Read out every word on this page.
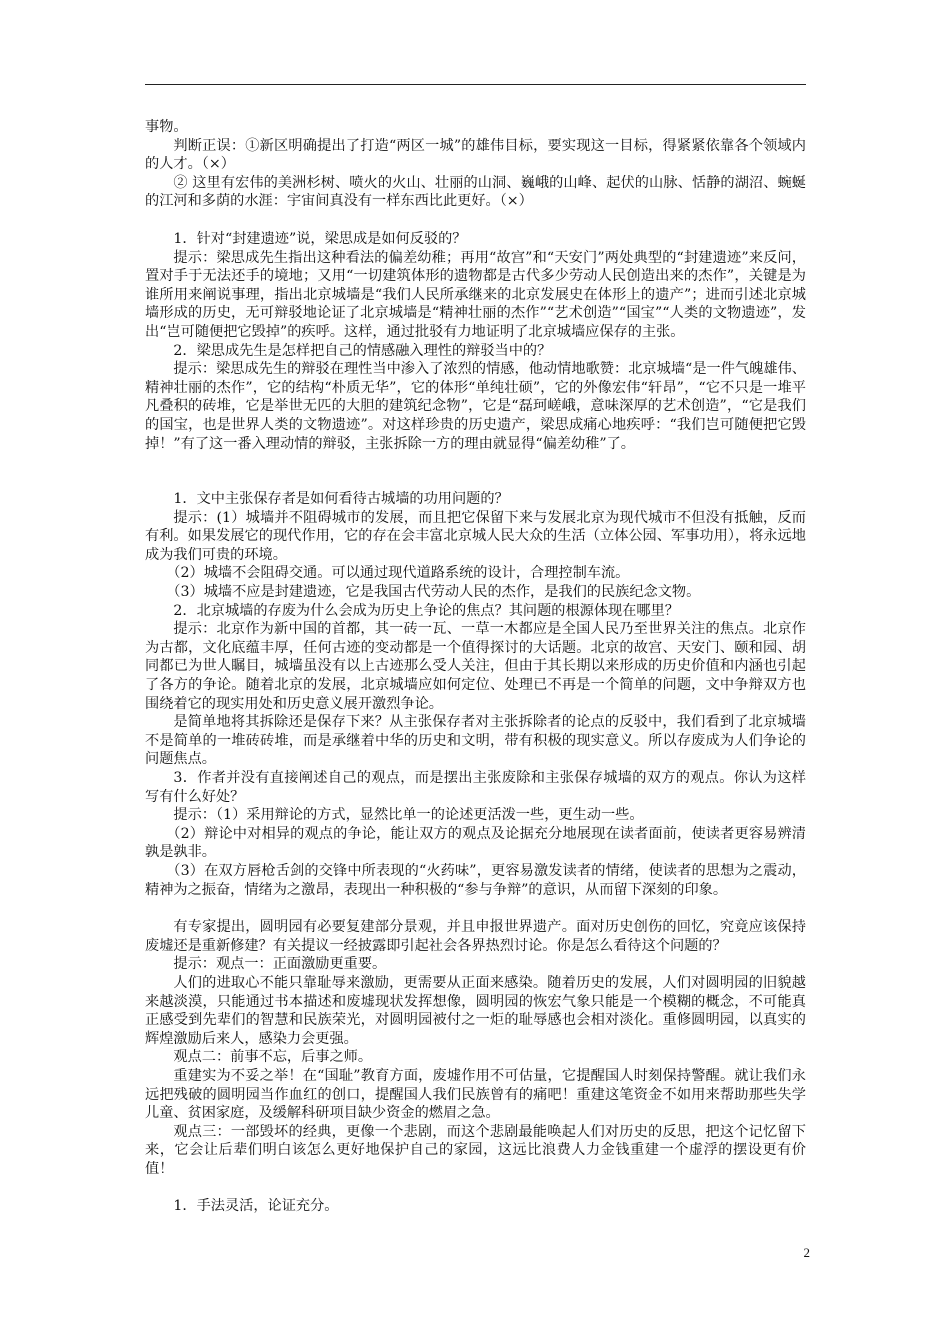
事物。
判断正误：①新区明确提出了打造“两区一城”的雄伟目标，要实现这一目标，得紧紧依靠各个领域内的人才。（×）
② 这里有宏伟的美洲杉树、喷火的火山、壮丽的山洞、巍峨的山峰、起伏的山脉、恬静的湖沼、蜿蜒的江河和多荫的水涯：宇宙间真没有一样东西比此更好。（×）
1．针对“封建遗迹”说，梁思成是如何反驳的？
提示：梁思成先生指出这种看法的偏差幼稚；再用“故宫”和“天安门”两处典型的“封建遗迹”来反问，置对手于无法还手的境地；又用“一切建筑体形的遗物都是古代多少劳动人民创造出来的杰作”，关键是为谁所用来阐说事理，指出北京城墙是“我们人民所承继来的北京发展史在体形上的遗产”；进而引述北京城墙形成的历史，无可辩驳地论证了北京城墙是“精神壮丽的杰作”“艺术创造”“国宝”“人类的文物遗迹”，发出“岂可随便把它毁掉”的疾呼。这样，通过批驳有力地证明了北京城墙应保存的主张。
2．梁思成先生是怎样把自己的情感融入理性的辩驳当中的？
提示：梁思成先生的辩驳在理性当中渗入了浓烈的情感，他动情地歌赞：北京城墙“是一件气魄雄伟、精神壮丽的杰作”，它的结构“朴质无华”，它的体形“单纯壮硕”，它的外像宏伟“轩昂”，“它不只是一堆平凡叠积的砖堆，它是举世无匹的大胆的建筑纪念物”，它是“磊珂嵯峨，意味深厚的艺术创造”，“它是我们的国宝，也是世界人类的文物遗迹”。对这样珍贵的历史遗产，梁思成痛心地疾呼：“我们岂可随便把它毁掉！”有了这一番入理动情的辩驳，主张拆除一方的理由就显得“偏差幼稚”了。
1．文中主张保存者是如何看待古城墙的功用问题的？
提示：(1）城墙并不阻碍城市的发展，而且把它保留下来与发展北京为现代城市不但没有抵触，反而有利。如果发展它的现代作用，它的存在会丰富北京城人民大众的生活（立体公园、军事功用），将永远地成为我们可贵的环境。
（2）城墙不会阻碍交通。可以通过现代道路系统的设计，合理控制车流。
（3）城墙不应是封建遗迹，它是我国古代劳动人民的杰作，是我们的民族纪念文物。
2．北京城墙的存废为什么会成为历史上争论的焦点？其问题的根源体现在哪里？
提示：北京作为新中国的首都，其一砖一瓦、一草一木都应是全国人民乃至世界关注的焦点。北京作为古都，文化底蕴丰厚，任何古迹的变动都是一个值得探讨的大话题。北京的故宫、天安门、颐和园、胡同都已为世人瞩目，城墙虽没有以上古迹那么受人关注，但由于其长期以来形成的历史价值和内涵也引起了各方的争论。随着北京的发展，北京城墙应如何定位、处理已不再是一个简单的问题，文中争辩双方也围绕着它的现实用处和历史意义展开激烈争论。
是简单地将其拆除还是保存下来？从主张保存者对主张拆除者的论点的反驳中，我们看到了北京城墙不是简单的一堆砖砖堆，而是承继着中华的历史和文明，带有积极的现实意义。所以存废成为人们争论的问题焦点。
3．作者并没有直接阐述自己的观点，而是摆出主张废除和主张保存城墙的双方的观点。你认为这样写有什么好处？
提示：（1）采用辩论的方式，显然比单一的论述更活泼一些，更生动一些。
（2）辩论中对相异的观点的争论，能让双方的观点及论据充分地展现在读者面前，使读者更容易辨清孰是孰非。
（3）在双方唇枪舌剑的交锋中所表现的“火药味”，更容易激发读者的情绪，使读者的思想为之震动，精神为之振奋，情绪为之激昂，表现出一种积极的“参与争辩”的意识，从而留下深刻的印象。
有专家提出，圆明园有必要复建部分景观，并且申报世界遗产。面对历史创伤的回忆，究竟应该保持废墟还是重新修建？有关提议一经披露即引起社会各界热烈讨论。你是怎么看待这个问题的？
提示：观点一：正面激励更重要。
人们的进取心不能只靠耻辱来激励，更需要从正面来感染。随着历史的发展，人们对圆明园的旧貌越来越淡漠，只能通过书本描述和废墟现状发挥想像，圆明园的恢宏气象只能是一个模糊的概念，不可能真正感受到先辈们的智慧和民族荣光，对圆明园被付之一炬的耻辱感也会相对淡化。重修圆明园，以真实的辉煌激励后来人，感染力会更强。
观点二：前事不忘，后事之师。
重建实为不妥之举！在“国耻”教育方面，废墟作用不可估量，它提醒国人时刻保持警醒。就让我们永远把残破的圆明园当作血红的创口，提醒国人我们民族曾有的痛吧！重建这笔资金不如用来帮助那些失学儿童、贫困家庭，及缓解科研项目缺少资金的燃眉之急。
观点三：一部毁坏的经典，更像一个悲剧，而这个悲剧最能唤起人们对历史的反思，把这个记忆留下来，它会让后辈们明白该怎么更好地保护自己的家园，这远比浪费人力金钱重建一个虚浮的摆设更有价值！
1．手法灵活，论证充分。
2
